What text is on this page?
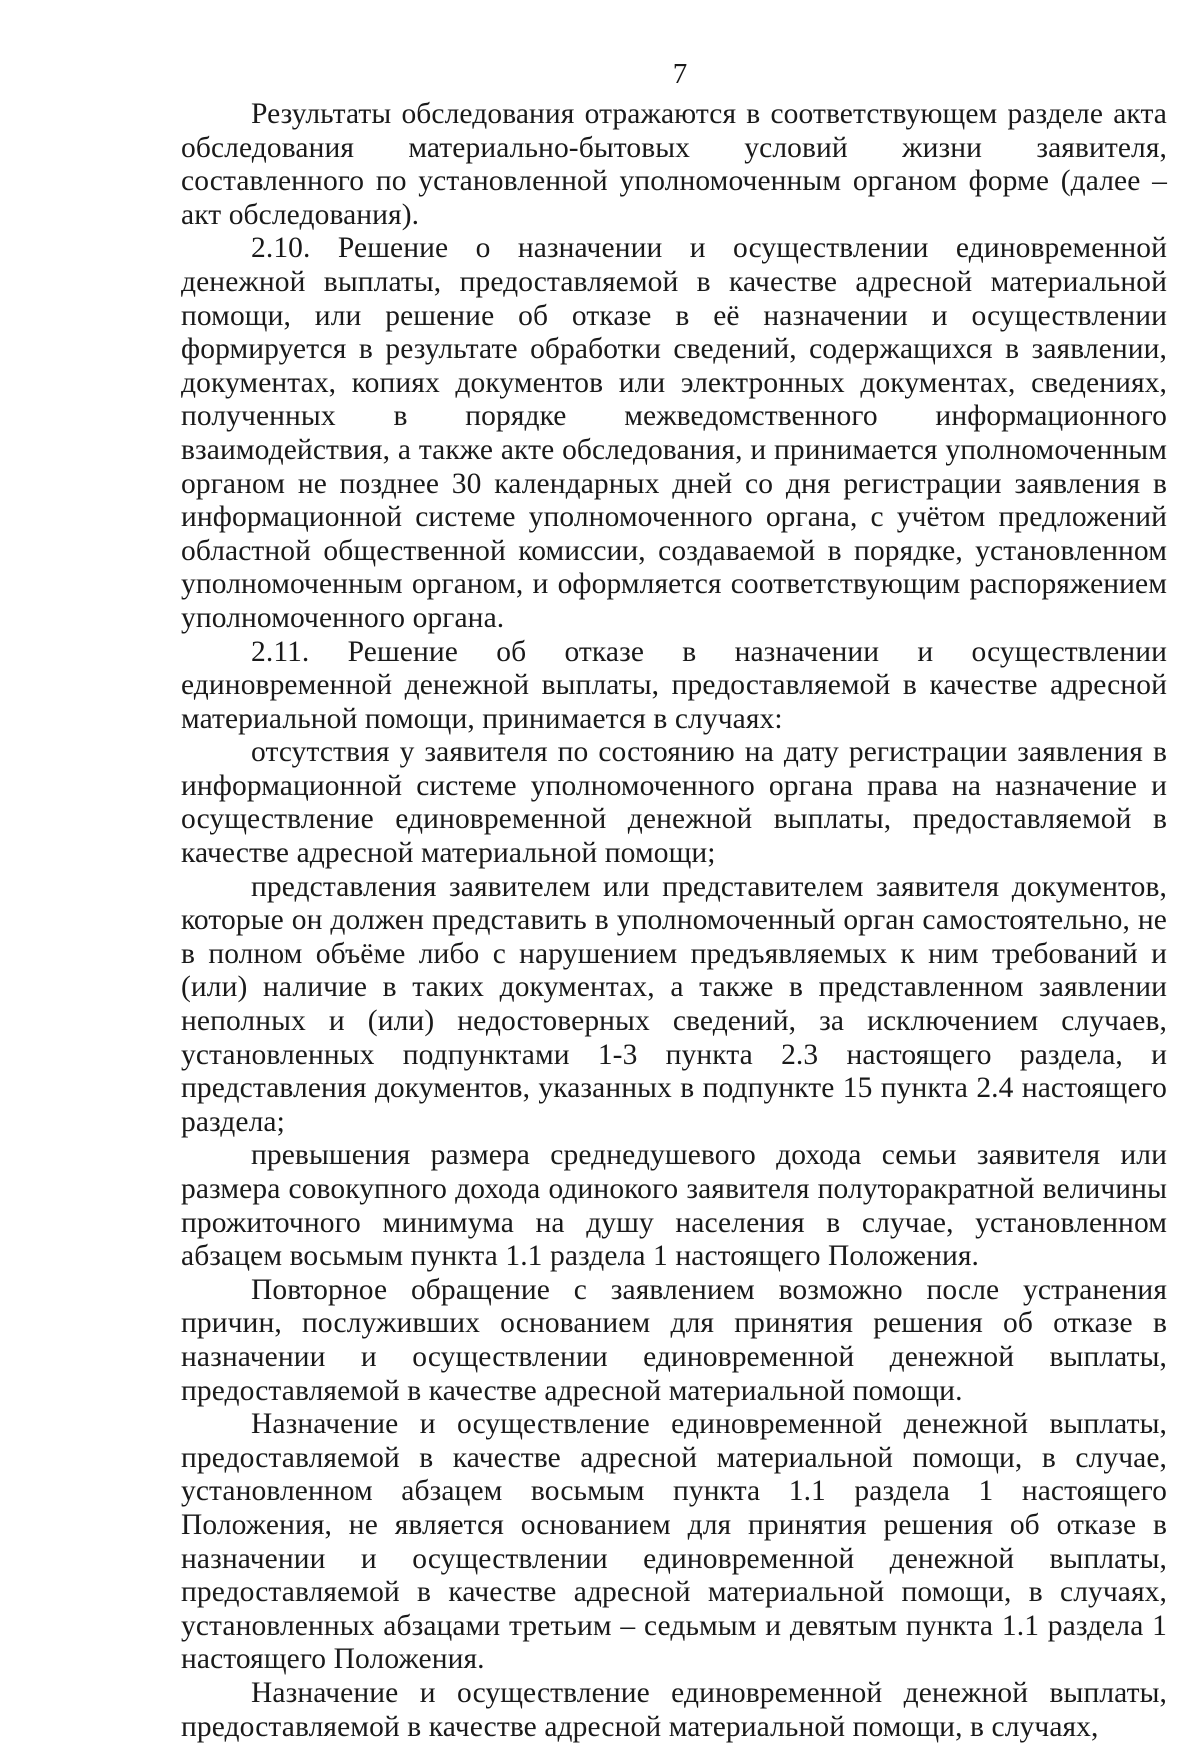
7

Результаты обследования отражаются в соответствующем разделе акта обследования материально-бытовых условий жизни заявителя, составленного по установленной уполномоченным органом форме (далее – акт обследования).

2.10. Решение о назначении и осуществлении единовременной денежной выплаты, предоставляемой в качестве адресной материальной помощи, или решение об отказе в её назначении и осуществлении формируется в результате обработки сведений, содержащихся в заявлении, документах, копиях документов или электронных документах, сведениях, полученных в порядке межведомственного информационного взаимодействия, а также акте обследования, и принимается уполномоченным органом не позднее 30 календарных дней со дня регистрации заявления в информационной системе уполномоченного органа, с учётом предложений областной общественной комиссии, создаваемой в порядке, установленном уполномоченным органом, и оформляется соответствующим распоряжением уполномоченного органа.

2.11. Решение об отказе в назначении и осуществлении единовременной денежной выплаты, предоставляемой в качестве адресной материальной помощи, принимается в случаях:

отсутствия у заявителя по состоянию на дату регистрации заявления в информационной системе уполномоченного органа права на назначение и осуществление единовременной денежной выплаты, предоставляемой в качестве адресной материальной помощи;

представления заявителем или представителем заявителя документов, которые он должен представить в уполномоченный орган самостоятельно, не в полном объёме либо с нарушением предъявляемых к ним требований и (или) наличие в таких документах, а также в представленном заявлении неполных и (или) недостоверных сведений, за исключением случаев, установленных подпунктами 1-3 пункта 2.3 настоящего раздела, и представления документов, указанных в подпункте 15 пункта 2.4 настоящего раздела;

превышения размера среднедушевого дохода семьи заявителя или размера совокупного дохода одинокого заявителя полуторакратной величины прожиточного минимума на душу населения в случае, установленном абзацем восьмым пункта 1.1 раздела 1 настоящего Положения.

Повторное обращение с заявлением возможно после устранения причин, послуживших основанием для принятия решения об отказе в назначении и осуществлении единовременной денежной выплаты, предоставляемой в качестве адресной материальной помощи.

Назначение и осуществление единовременной денежной выплаты, предоставляемой в качестве адресной материальной помощи, в случае, установленном абзацем восьмым пункта 1.1 раздела 1 настоящего Положения, не является основанием для принятия решения об отказе в назначении и осуществлении единовременной денежной выплаты, предоставляемой в качестве адресной материальной помощи, в случаях, установленных абзацами третьим – седьмым и девятым пункта 1.1 раздела 1 настоящего Положения.

Назначение и осуществление единовременной денежной выплаты, предоставляемой в качестве адресной материальной помощи, в случаях,
